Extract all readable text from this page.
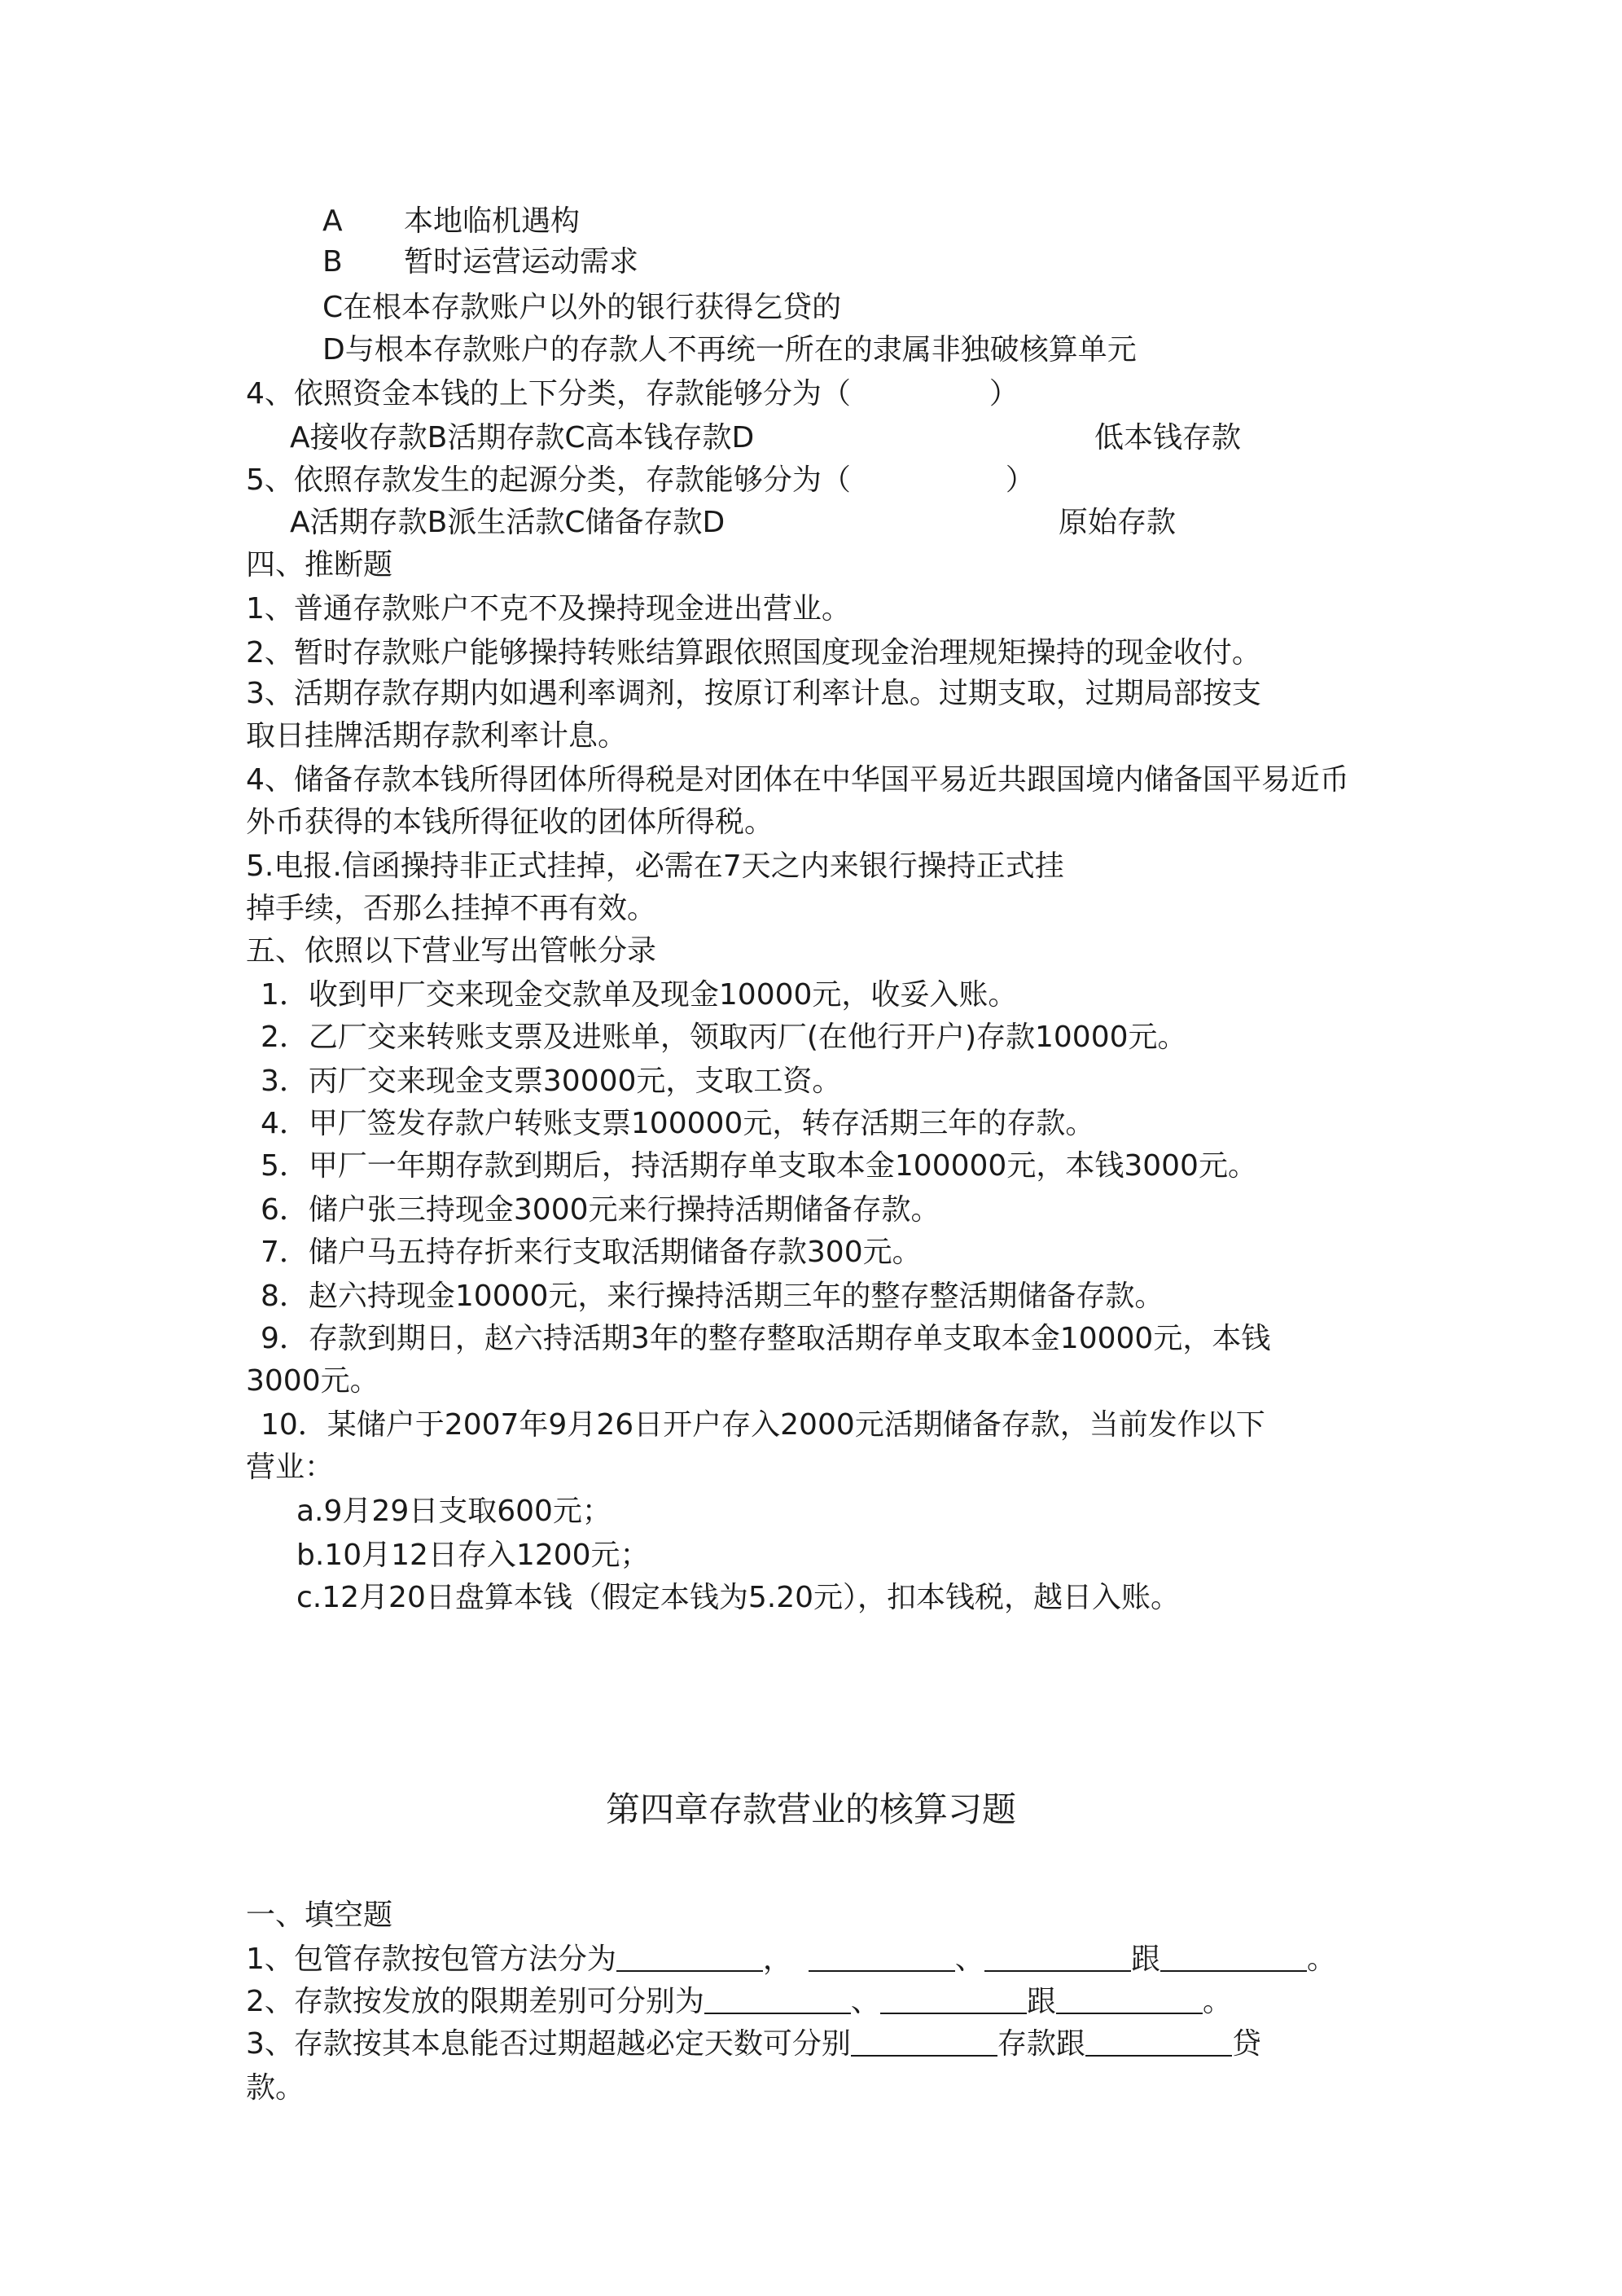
A 本地临机遇构
B 暂时运营运动需求
C在根本存款账户以外的银行获得乞贷的
D与根本存款账户的存款人不再统一所在的隶属非独破核算单元
4、依照资金本钱的上下分类，存款能够分为（	）
A接收存款B活期存款C高本钱存款D	低本钱存款
5、依照存款发生的起源分类，存款能够分为（	）
A活期存款B派生活款C储备存款D	原始存款
四、推断题
1、普通存款账户不克不及操持现金进出营业。
2、暂时存款账户能够操持转账结算跟依照国度现金治理规矩操持的现金收付。
3、活期存款存期内如遇利率调剂，按原订利率计息。过期支取，过期局部按支
取日挂牌活期存款利率计息。
4、储备存款本钱所得团体所得税是对团体在中华国平易近共跟国境内储备国平易近币
外币获得的本钱所得征收的团体所得税。
5.电报.信函操持非正式挂掉，必需在7天之内来银行操持正式挂
掉手续，否那么挂掉不再有效。
五、依照以下营业写出管帐分录
1．收到甲厂交来现金交款单及现金10000元，收妥入账。
2．乙厂交来转账支票及进账单，领取丙厂(在他行开户)存款10000元。
3．丙厂交来现金支票30000元，支取工资。
4．甲厂签发存款户转账支票100000元，转存活期三年的存款。
5．甲厂一年期存款到期后，持活期存单支取本金100000元，本钱3000元。
6．储户张三持现金3000元来行操持活期储备存款。
7．储户马五持存折来行支取活期储备存款300元。
8．赵六持现金10000元，来行操持活期三年的整存整活期储备存款。
9．存款到期日，赵六持活期3年的整存整取活期存单支取本金10000元，本钱
3000元。
10．某储户于2007年9月26日开户存入2000元活期储备存款，当前发作以下
营业：
a.9月29日支取600元；
b.10月12日存入1200元；
c.12月20日盘算本钱（假定本钱为5.20元），扣本钱税，越日入账。
第四章存款营业的核算习题
一、填空题
1、包管存款按包管方法分为	，	、	跟	。
2、存款按发放的限期差别可分别为	、	跟	。
3、存款按其本息能否过期超越必定天数可分别	存款跟	贷
款。
